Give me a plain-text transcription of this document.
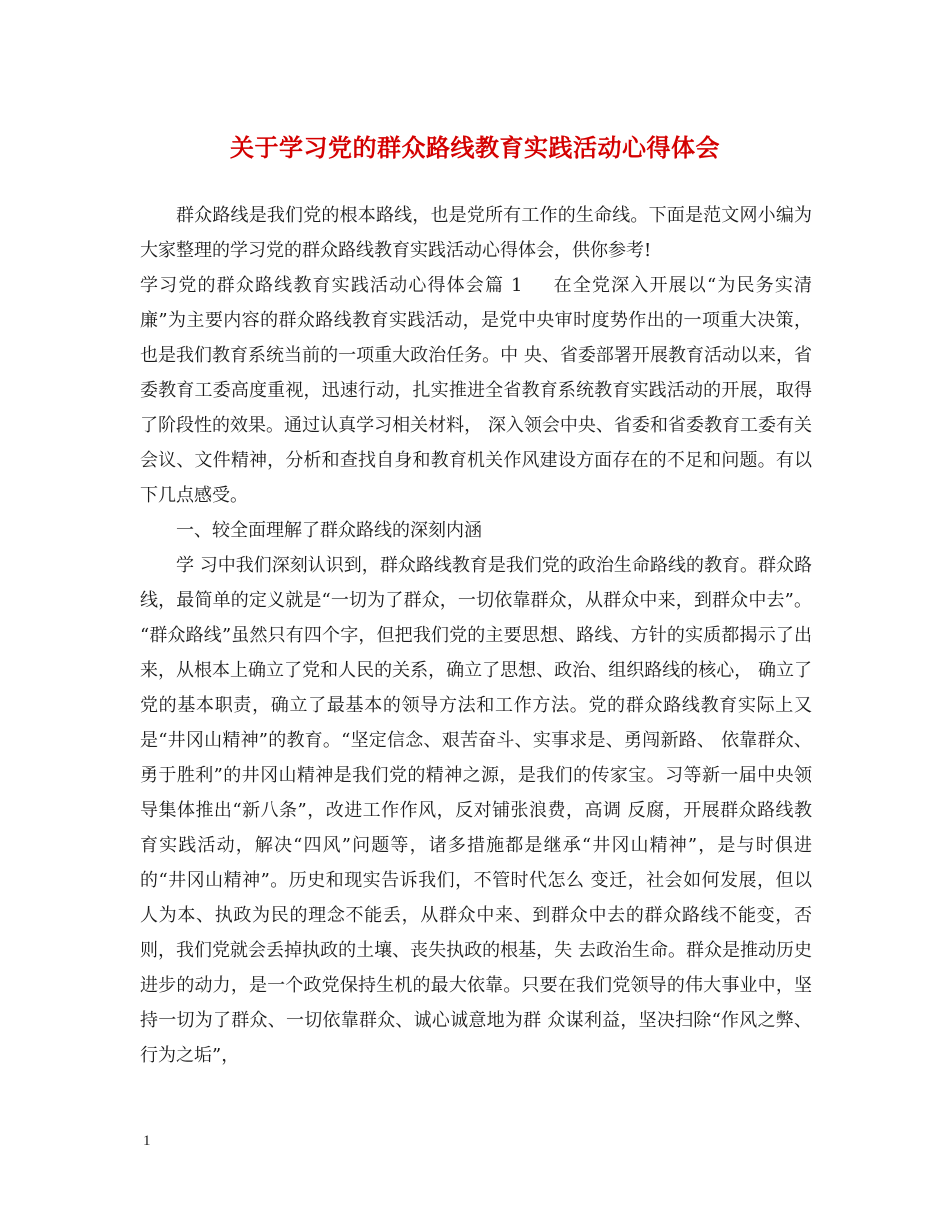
关于学习党的群众路线教育实践活动心得体会

群众路线是我们党的根本路线，也是党所有工作的生命线。下面是范文网小编为大家整理的学习党的群众路线教育实践活动心得体会，供你参考!

学习党的群众路线教育实践活动心得体会篇 1 在全党深入开展以“为民务实清廉”为主要内容的群众路线教育实践活动，是党中央审时度势作出的一项重大决策，也是我们教育系统当前的一项重大政治任务。中 央、省委部署开展教育活动以来，省委教育工委高度重视，迅速行动，扎实推进全省教育系统教育实践活动的开展，取得了阶段性的效果。通过认真学习相关材料， 深入领会中央、省委和省委教育工委有关会议、文件精神，分析和查找自身和教育机关作风建设方面存在的不足和问题。有以下几点感受。

一、较全面理解了群众路线的深刻内涵

学 习中我们深刻认识到，群众路线教育是我们党的政治生命路线的教育。群众路线，最简单的定义就是“一切为了群众，一切依靠群众，从群众中来，到群众中去”。 “群众路线”虽然只有四个字，但把我们党的主要思想、路线、方针的实质都揭示了出来，从根本上确立了党和人民的关系，确立了思想、政治、组织路线的核心， 确立了党的基本职责，确立了最基本的领导方法和工作方法。党的群众路线教育实际上又是“井冈山精神”的教育。“坚定信念、艰苦奋斗、实事求是、勇闯新路、 依靠群众、勇于胜利”的井冈山精神是我们党的精神之源，是我们的传家宝。习等新一届中央领导集体推出“新八条”，改进工作作风，反对铺张浪费，高调 反腐，开展群众路线教育实践活动，解决“四风”问题等，诸多措施都是继承“井冈山精神”，是与时俱进的“井冈山精神”。历史和现实告诉我们，不管时代怎么 变迁，社会如何发展，但以人为本、执政为民的理念不能丢，从群众中来、到群众中去的群众路线不能变，否则，我们党就会丢掉执政的土壤、丧失执政的根基，失 去政治生命。群众是推动历史进步的动力，是一个政党保持生机的最大依靠。只要在我们党领导的伟大事业中，坚持一切为了群众、一切依靠群众、诚心诚意地为群 众谋利益，坚决扫除“作风之弊、行为之垢”，

1
